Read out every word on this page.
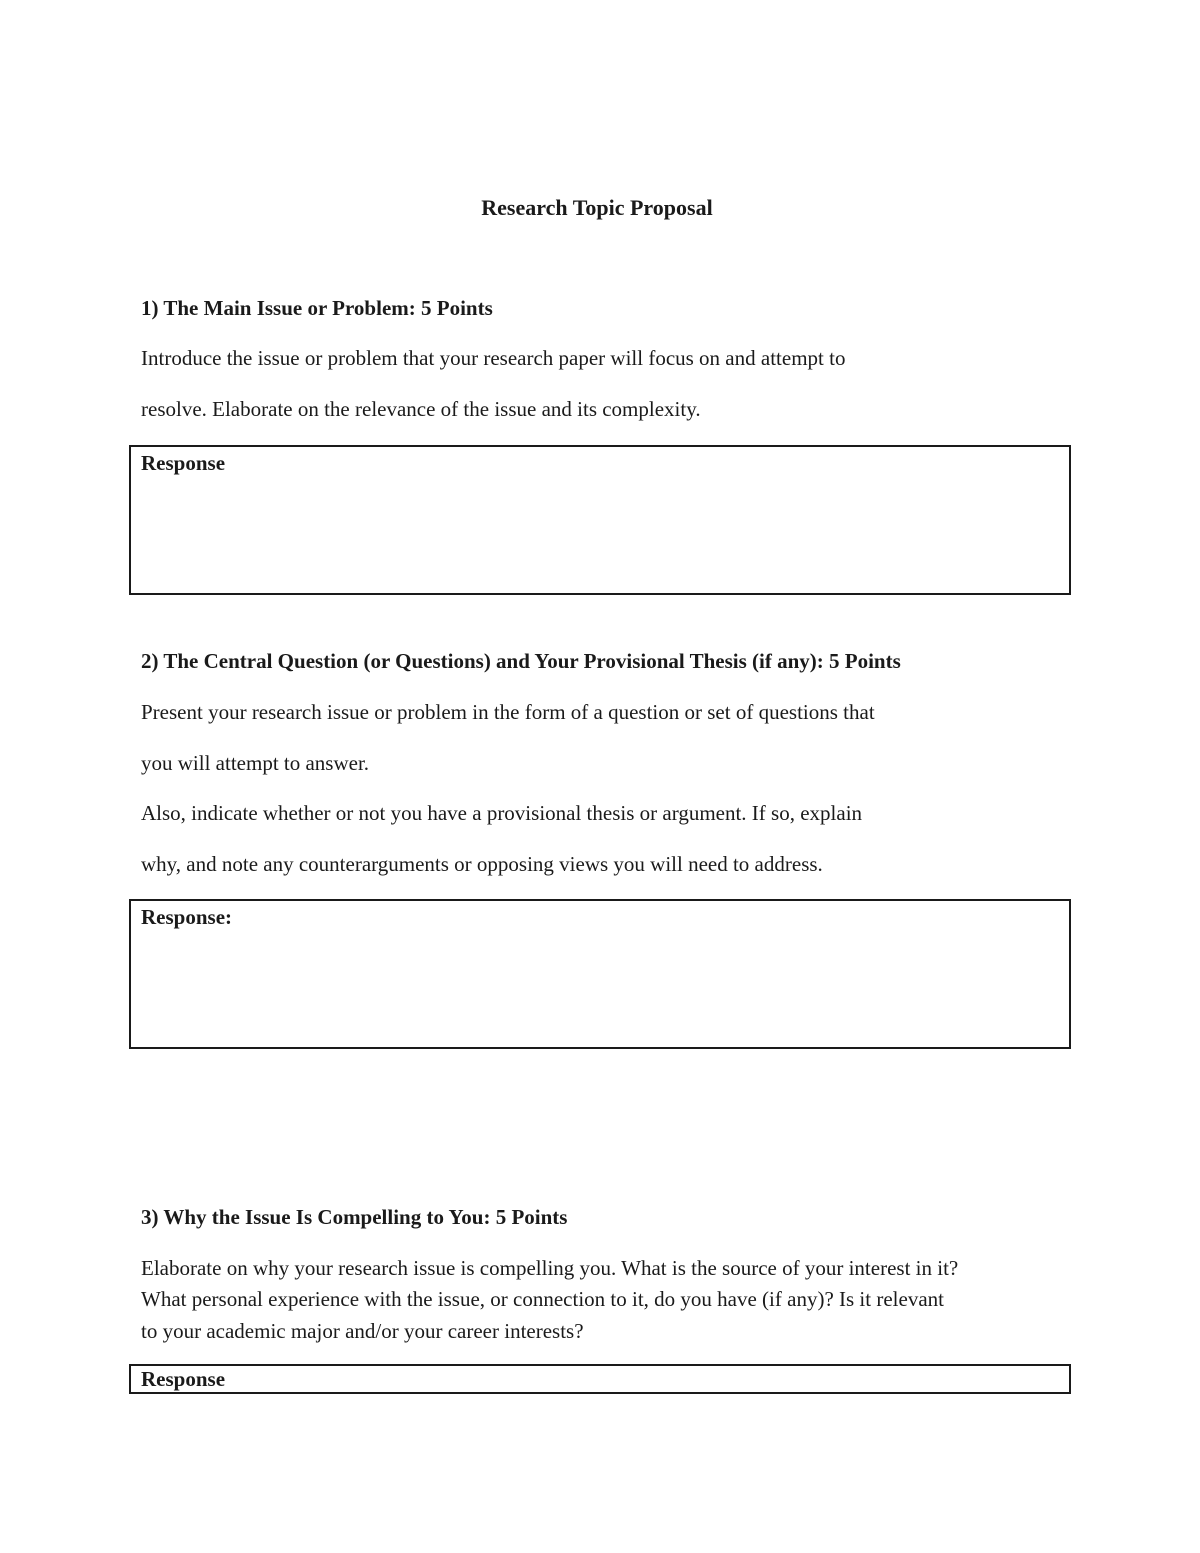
Research Topic Proposal
1) The Main Issue or Problem: 5 Points
Introduce the issue or problem that your research paper will focus on and attempt to
resolve. Elaborate on the relevance of the issue and its complexity.
Response
2) The Central Question (or Questions) and Your Provisional Thesis (if any): 5 Points
Present your research issue or problem in the form of a question or set of questions that
you will attempt to answer.
Also, indicate whether or not you have a provisional thesis or argument. If so, explain
why, and note any counterarguments or opposing views you will need to address.
Response:
3) Why the Issue Is Compelling to You: 5 Points
Elaborate on why your research issue is compelling you. What is the source of your interest in it?
What personal experience with the issue, or connection to it, do you have (if any)? Is it relevant
to your academic major and/or your career interests?
Response
